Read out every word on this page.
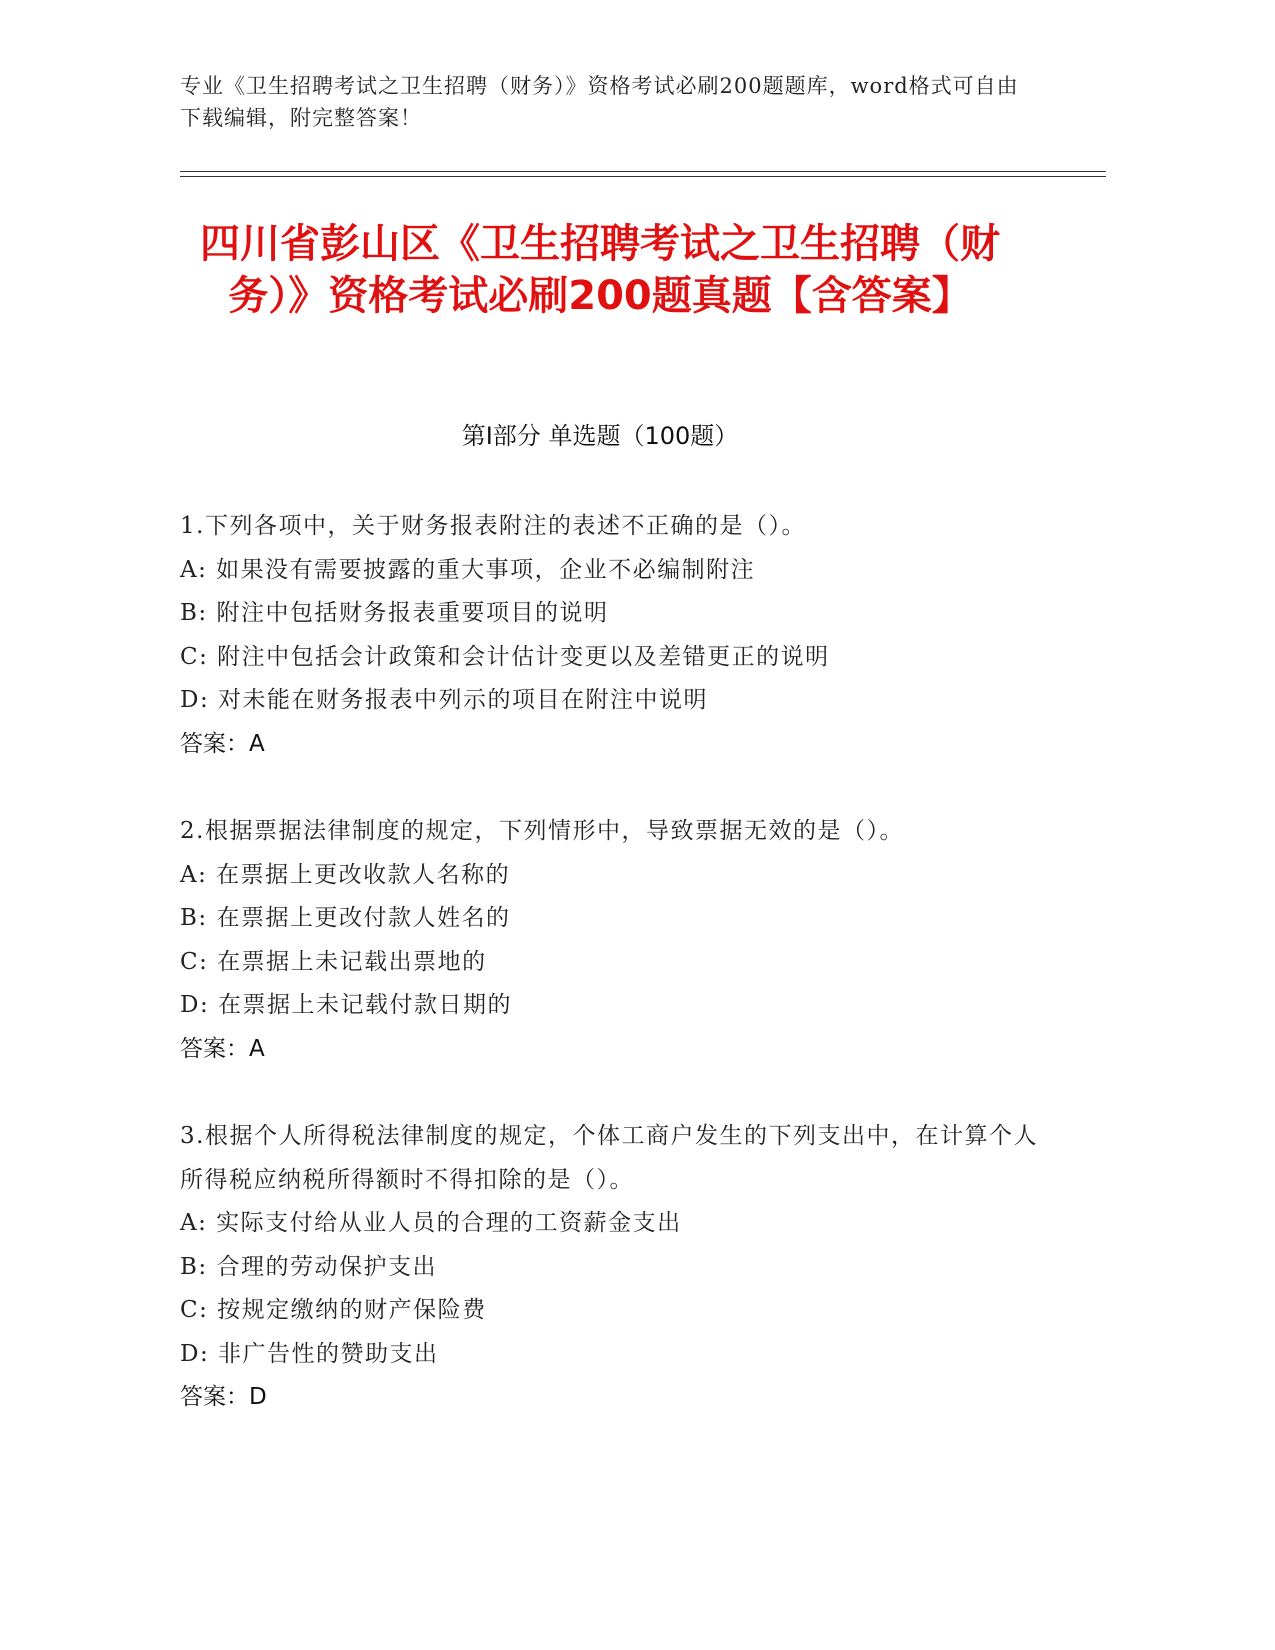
专业《卫生招聘考试之卫生招聘（财务）》资格考试必刷200题题库，word格式可自由下载编辑，附完整答案！
四川省彭山区《卫生招聘考试之卫生招聘（财务）》资格考试必刷200题真题【含答案】
第I部分 单选题（100题）
1.下列各项中，关于财务报表附注的表述不正确的是（）。
A: 如果没有需要披露的重大事项，企业不必编制附注
B: 附注中包括财务报表重要项目的说明
C: 附注中包括会计政策和会计估计变更以及差错更正的说明
D: 对未能在财务报表中列示的项目在附注中说明
答案：A
2.根据票据法律制度的规定，下列情形中，导致票据无效的是（）。
A: 在票据上更改收款人名称的
B: 在票据上更改付款人姓名的
C: 在票据上未记载出票地的
D: 在票据上未记载付款日期的
答案：A
3.根据个人所得税法律制度的规定，个体工商户发生的下列支出中，在计算个人所得税应纳税所得额时不得扣除的是（）。
A: 实际支付给从业人员的合理的工资薪金支出
B: 合理的劳动保护支出
C: 按规定缴纳的财产保险费
D: 非广告性的赞助支出
答案：D
